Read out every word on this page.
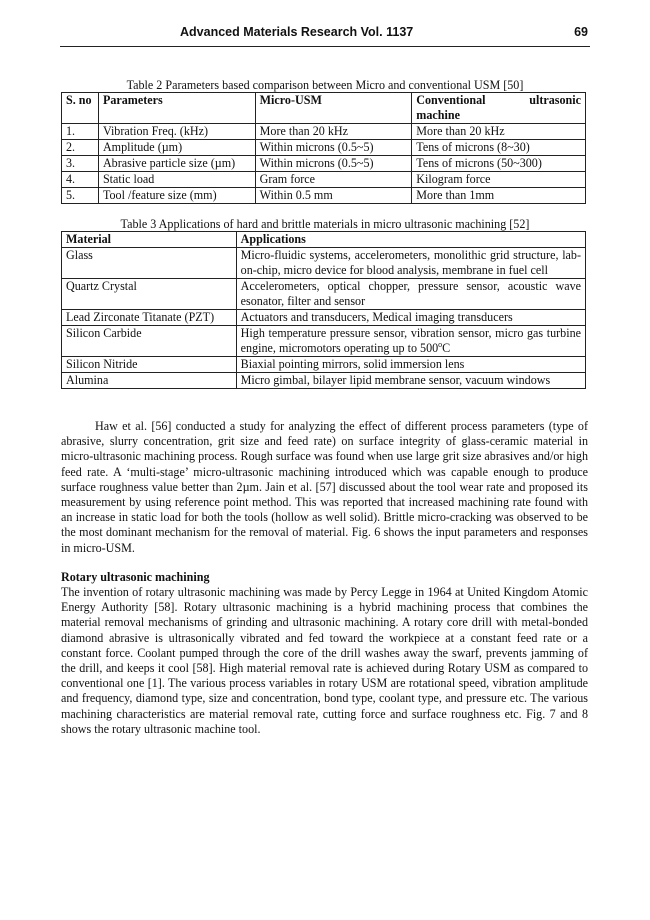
Advanced Materials Research Vol. 1137	69
Table 2 Parameters based comparison between Micro and conventional USM [50]
S. no	Parameters	Micro-USM	Conventional ultrasonic machine
1.	Vibration Freq. (kHz)	More than 20 kHz	More than 20 kHz
2.	Amplitude (µm)	Within microns (0.5~5)	Tens of microns (8~30)
3.	Abrasive particle size (µm)	Within microns (0.5~5)	Tens of microns (50~300)
4.	Static load	Gram force	Kilogram force
5.	Tool /feature size (mm)	Within 0.5 mm	More than 1mm
Table 3 Applications of hard and brittle materials in micro ultrasonic machining [52]
Material	Applications
Glass	Micro-fluidic systems, accelerometers, monolithic grid structure, lab-on-chip, micro device for blood analysis, membrane in fuel cell
Quartz Crystal	Accelerometers, optical chopper, pressure sensor, acoustic wave esonator, filter and sensor
Lead Zirconate Titanate (PZT)	Actuators and transducers, Medical imaging transducers
Silicon Carbide	High temperature pressure sensor, vibration sensor, micro gas turbine engine, micromotors operating up to 500$^o$C
Silicon Nitride	Biaxial pointing mirrors, solid immersion lens
Alumina	Micro gimbal, bilayer lipid membrane sensor, vacuum windows

Haw et al. [56] conducted a study for analyzing the effect of different process parameters (type of abrasive, slurry concentration, grit size and feed rate) on surface integrity of glass-ceramic material in micro-ultrasonic machining process. Rough surface was found when use large grit size abrasives and/or high feed rate. A ‘multi-stage’ micro-ultrasonic machining introduced which was capable enough to produce surface roughness value better than 2µm. Jain et al. [57] discussed about the tool wear rate and proposed its measurement by using reference point method. This was reported that increased machining rate found with an increase in static load for both the tools (hollow as well solid). Brittle micro-cracking was observed to be the most dominant mechanism for the removal of material. Fig. 6 shows the input parameters and responses in micro-USM.

Rotary ultrasonic machining

The invention of rotary ultrasonic machining was made by Percy Legge in 1964 at United Kingdom Atomic Energy Authority [58]. Rotary ultrasonic machining is a hybrid machining process that combines the material removal mechanisms of grinding and ultrasonic machining. A rotary core drill with metal-bonded diamond abrasive is ultrasonically vibrated and fed toward the workpiece at a constant feed rate or a constant force. Coolant pumped through the core of the drill washes away the swarf, prevents jamming of the drill, and keeps it cool [58]. High material removal rate is achieved during Rotary USM as compared to conventional one [1]. The various process variables in rotary USM are rotational speed, vibration amplitude and frequency, diamond type, size and concentration, bond type, coolant type, and pressure etc. The various machining characteristics are material removal rate, cutting force and surface roughness etc. Fig. 7 and 8 shows the rotary ultrasonic machine tool.
